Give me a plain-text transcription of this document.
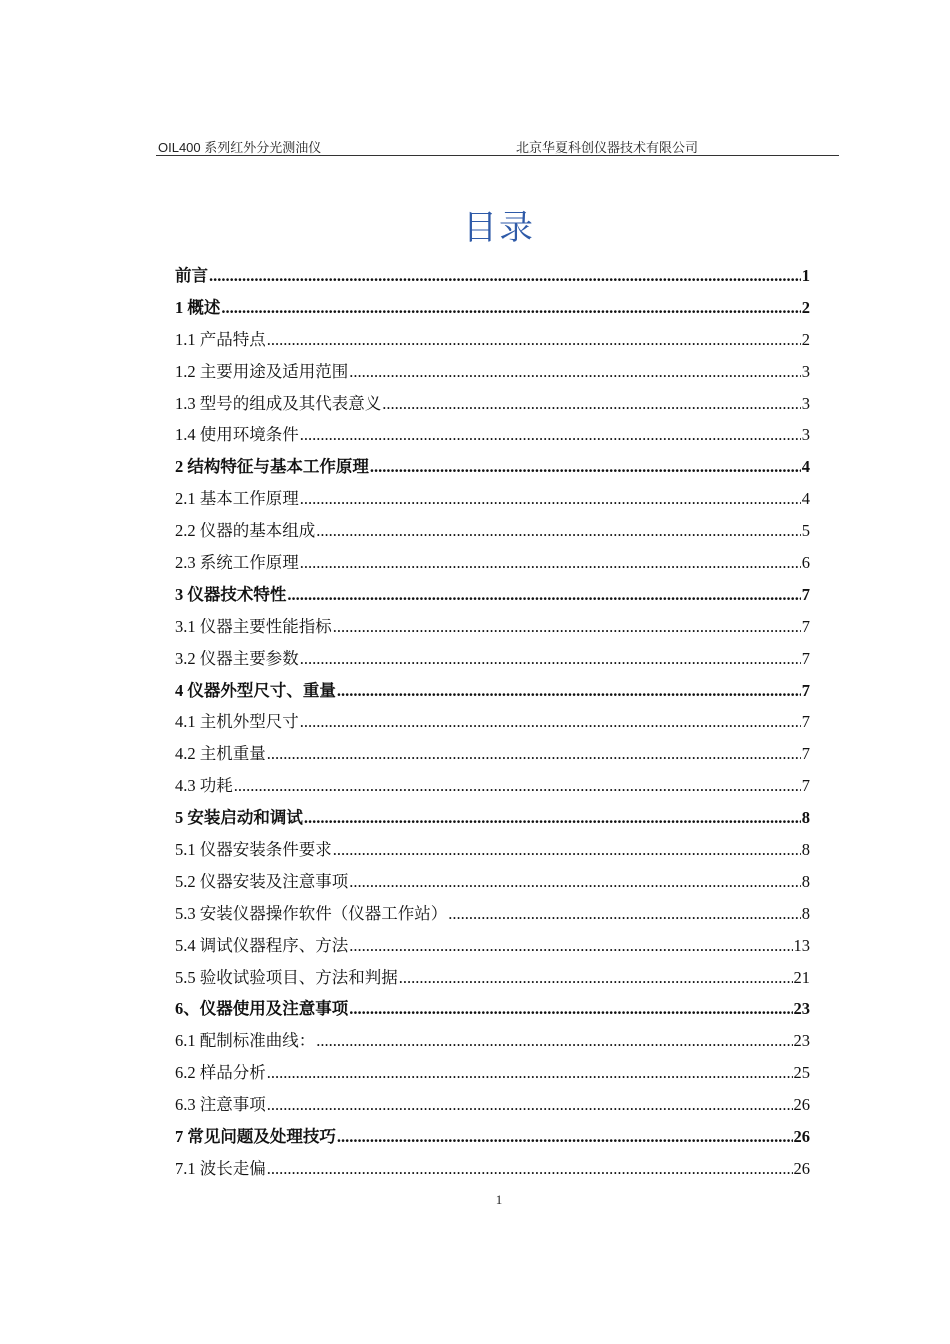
OIL400 系列红外分光测油仪	北京华夏科创仪器技术有限公司
目录
前言 .....	1
1 概述 .....	2
1.1 产品特点 .....	2
1.2 主要用途及适用范围 .....	3
1.3 型号的组成及其代表意义 .....	3
1.4 使用环境条件 .....	3
2 结构特征与基本工作原理 .....	4
2.1 基本工作原理 .....	4
2.2 仪器的基本组成 .....	5
2.3 系统工作原理 .....	6
3 仪器技术特性 .....	7
3.1 仪器主要性能指标 .....	7
3.2 仪器主要参数 .....	7
4 仪器外型尺寸、重量 .....	7
4.1 主机外型尺寸 .....	7
4.2 主机重量 .....	7
4.3 功耗 .....	7
5 安装启动和调试 .....	8
5.1 仪器安装条件要求 .....	8
5.2 仪器安装及注意事项 .....	8
5.3 安装仪器操作软件（仪器工作站） .....	8
5.4 调试仪器程序、方法 .....	13
5.5 验收试验项目、方法和判据 .....	21
6、仪器使用及注意事项 .....	23
6.1 配制标准曲线： .....	23
6.2 样品分析 .....	25
6.3 注意事项 .....	26
7 常见问题及处理技巧 .....	26
7.1 波长走偏 .....	26
1
